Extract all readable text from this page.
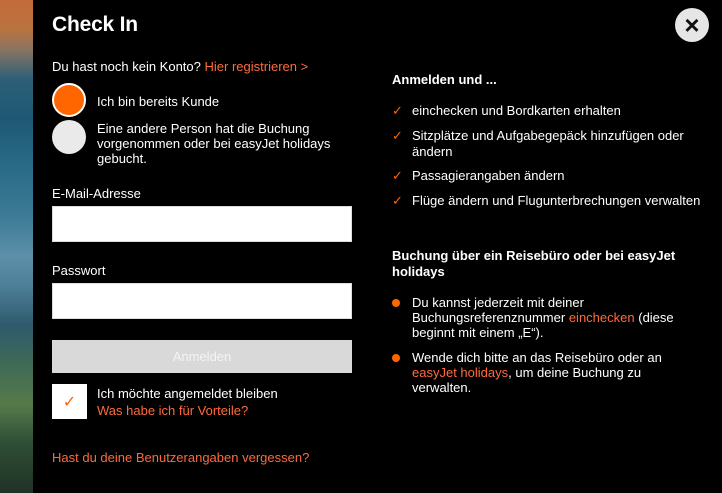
Check In	×
Du hast noch kein Konto? Hier registrieren >
Ich bin bereits Kunde
Eine andere Person hat die Buchung vorgenommen oder bei easyJet holidays gebucht.
E-Mail-Adresse
Passwort
Anmelden
✓ Ich möchte angemeldet bleiben
Was habe ich für Vorteile?
Hast du deine Benutzerangaben vergessen?
Anmelden und ...
✓ einchecken und Bordkarten erhalten
✓ Sitzplätze und Aufgabegepäck hinzufügen oder ändern
✓ Passagierangaben ändern
✓ Flüge ändern und Flugunterbrechungen verwalten
Buchung über ein Reisebüro oder bei easyJet holidays
Du kannst jederzeit mit deiner Buchungsreferenznummer einchecken (diese beginnt mit einem „E“).
Wende dich bitte an das Reisebüro oder an easyJet holidays, um deine Buchung zu verwalten.
